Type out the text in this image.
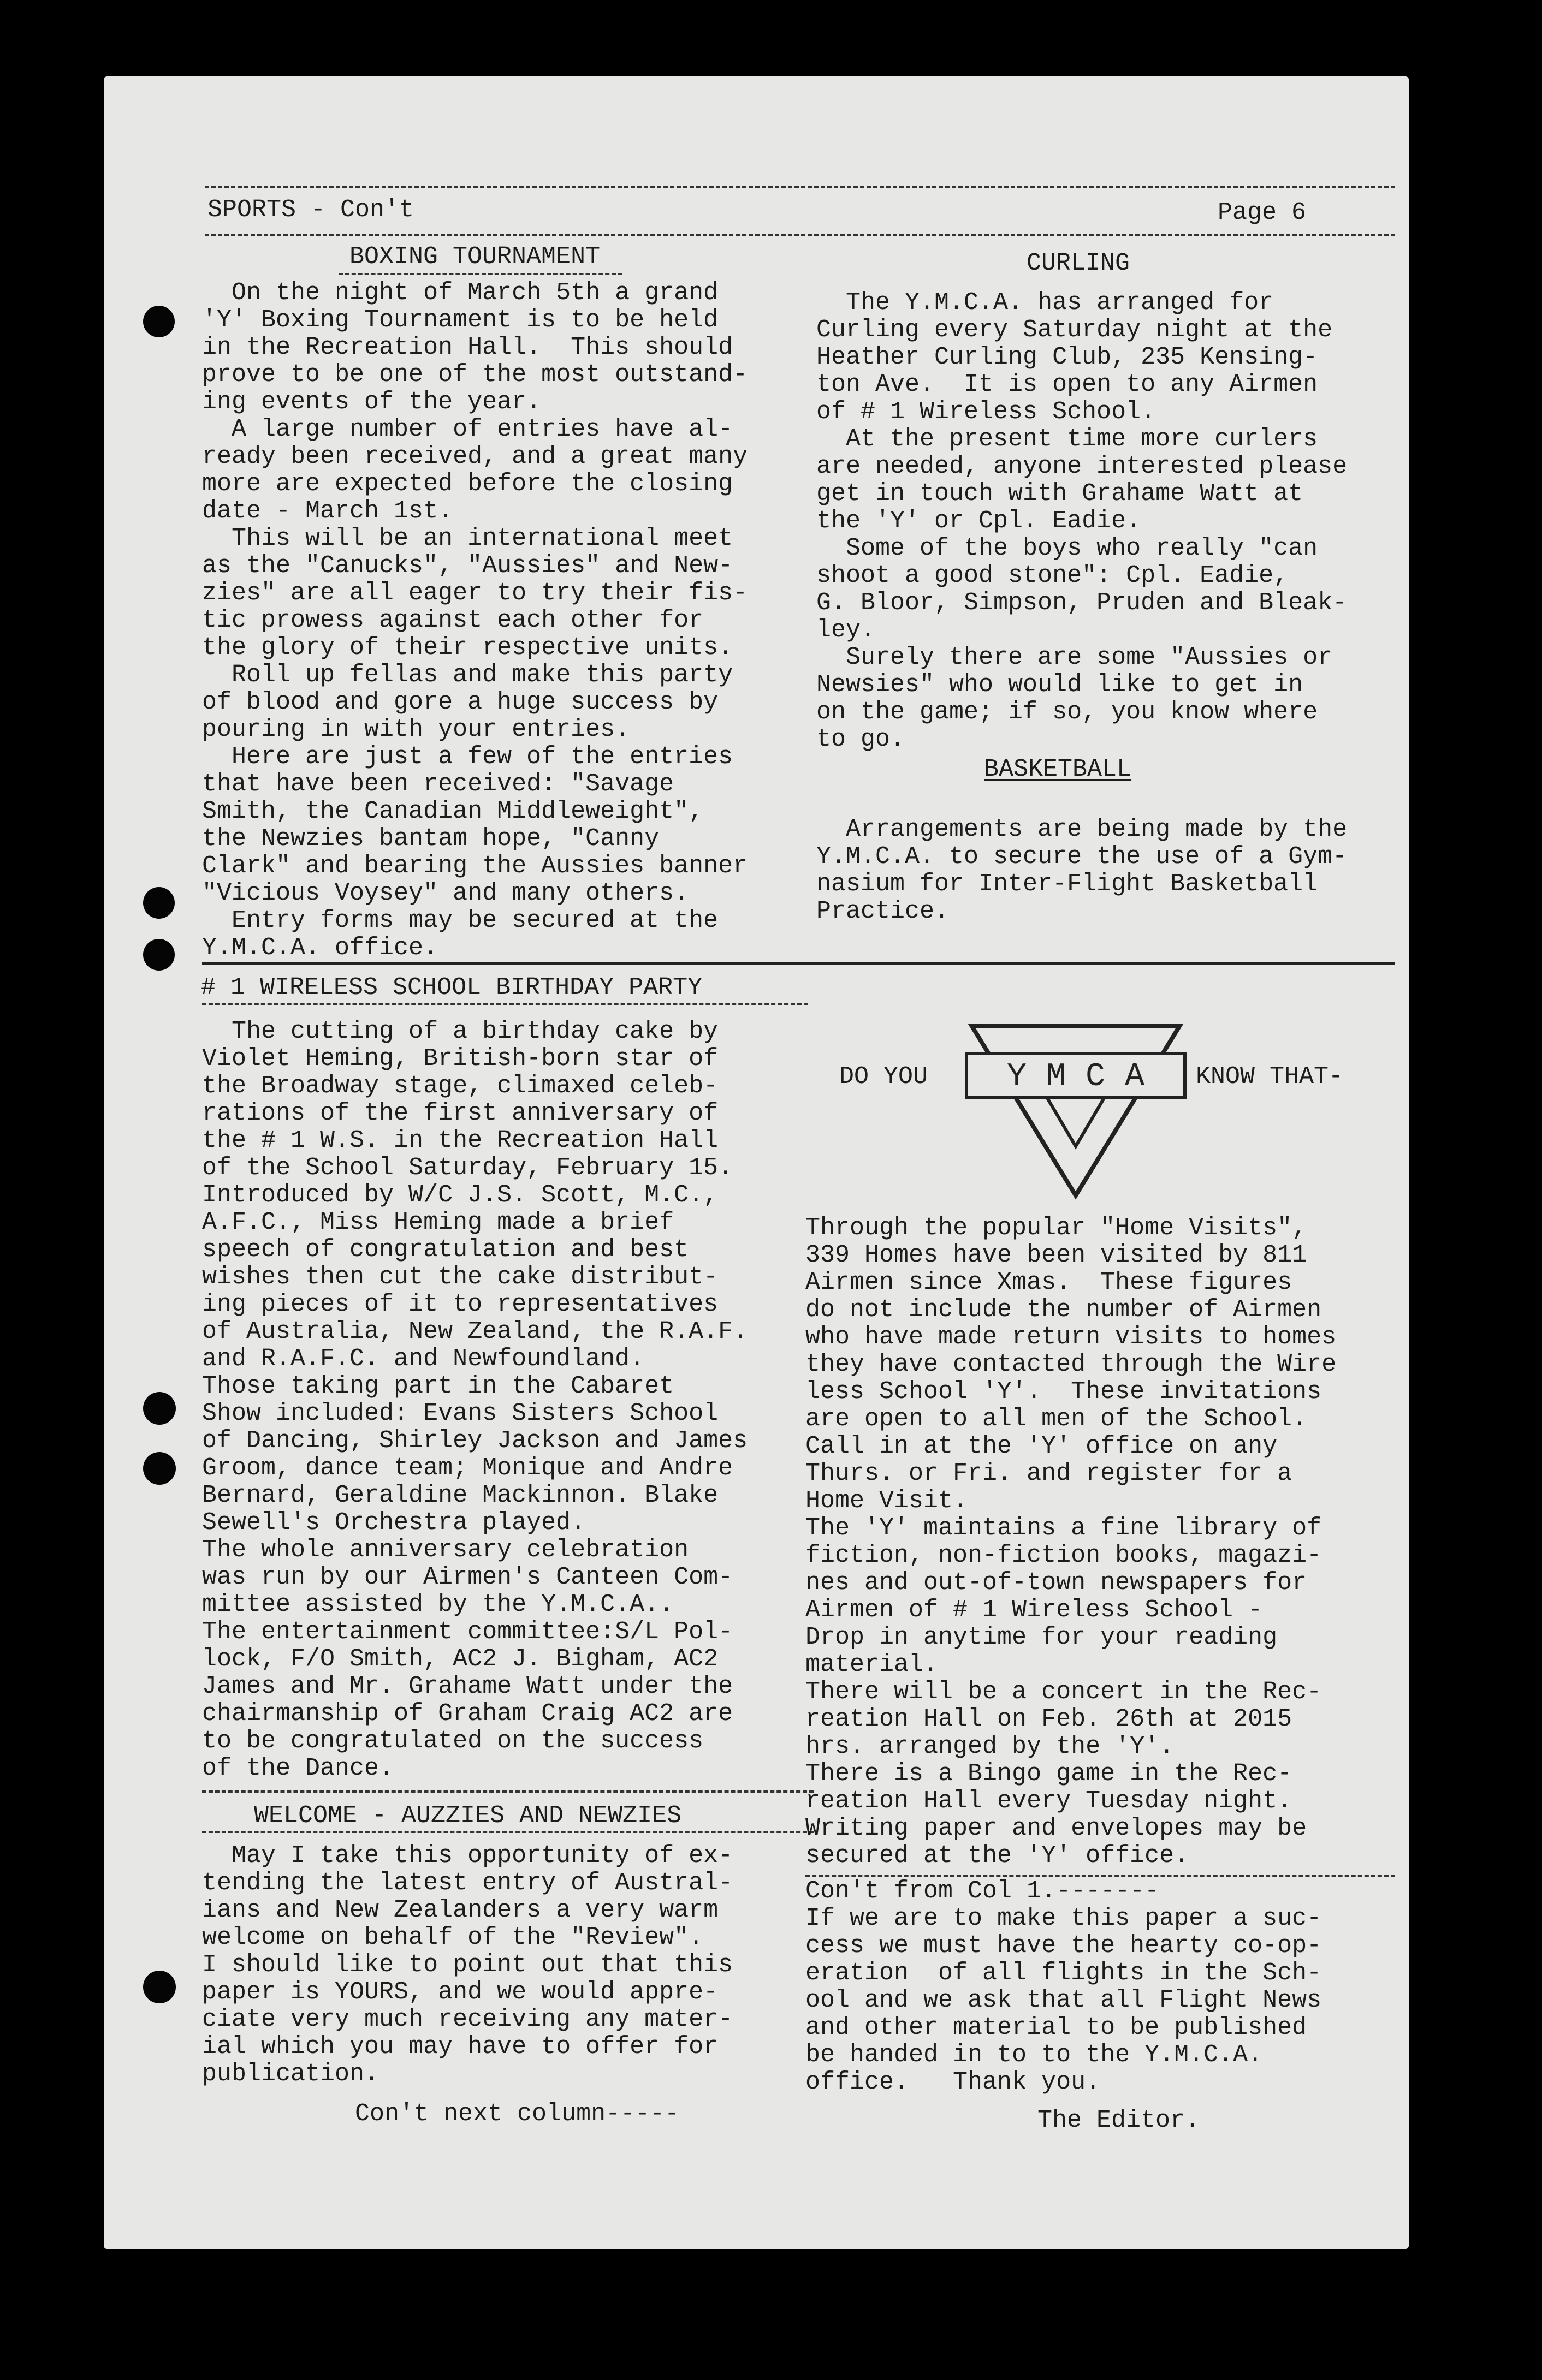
SPORTS - Con't	Page 6
BOXING TOURNAMENT
On the night of March 5th a grand
'Y' Boxing Tournament is to be held
in the Recreation Hall.  This should
prove to be one of the most outstand-
ing events of the year.
A large number of entries have al-
ready been received, and a great many
more are expected before the closing
date - March 1st.
This will be an international meet
as the "Canucks", "Aussies" and New-
zies" are all eager to try their fis-
tic prowess against each other for
the glory of their respective units.
Roll up fellas and make this party
of blood and gore a huge success by
pouring in with your entries.
Here are just a few of the entries
that have been received: "Savage
Smith, the Canadian Middleweight",
the Newzies bantam hope, "Canny
Clark" and bearing the Aussies banner
"Vicious Voysey" and many others.
Entry forms may be secured at the
Y.M.C.A. office.
CURLING
The Y.M.C.A. has arranged for
Curling every Saturday night at the
Heather Curling Club, 235 Kensing-
ton Ave.  It is open to any Airmen
of # 1 Wireless School.
At the present time more curlers
are needed, anyone interested please
get in touch with Grahame Watt at
the 'Y' or Cpl. Eadie.
Some of the boys who really "can
shoot a good stone": Cpl. Eadie,
G. Bloor, Simpson, Pruden and Bleak-
ley.
Surely there are some "Aussies or
Newsies" who would like to get in
on the game; if so, you know where
to go.
BASKETBALL
Arrangements are being made by the
Y.M.C.A. to secure the use of a Gym-
nasium for Inter-Flight Basketball
Practice.
# 1 WIRELESS SCHOOL BIRTHDAY PARTY
The cutting of a birthday cake by
Violet Heming, British-born star of
the Broadway stage, climaxed celeb-
rations of the first anniversary of
the # 1 W.S. in the Recreation Hall
of the School Saturday, February 15.
Introduced by W/C J.S. Scott, M.C.,
A.F.C., Miss Heming made a brief
speech of congratulation and best
wishes then cut the cake distribut-
ing pieces of it to representatives
of Australia, New Zealand, the R.A.F.
and R.A.F.C. and Newfoundland.
Those taking part in the Cabaret
Show included: Evans Sisters School
of Dancing, Shirley Jackson and James
Groom, dance team; Monique and Andre
Bernard, Geraldine Mackinnon. Blake
Sewell's Orchestra played.
The whole anniversary celebration
was run by our Airmen's Canteen Com-
mittee assisted by the Y.M.C.A..
The entertainment committee:S/L Pol-
lock, F/O Smith, AC2 J. Bigham, AC2
James and Mr. Grahame Watt under the
chairmanship of Graham Craig AC2 are
to be congratulated on the success
of the Dance.
WELCOME - AUZZIES AND NEWZIES
May I take this opportunity of ex-
tending the latest entry of Austral-
ians and New Zealanders a very warm
welcome on behalf of the "Review".
I should like to point out that this
paper is YOURS, and we would appre-
ciate very much receiving any mater-
ial which you may have to offer for
publication.
Con't next column-----
DO YOU Y M C A KNOW THAT-
Through the popular "Home Visits",
339 Homes have been visited by 811
Airmen since Xmas.  These figures
do not include the number of Airmen
who have made return visits to homes
they have contacted through the Wire
less School 'Y'.  These invitations
are open to all men of the School.
Call in at the 'Y' office on any
Thurs. or Fri. and register for a
Home Visit.
The 'Y' maintains a fine library of
fiction, non-fiction books, magazi-
nes and out-of-town newspapers for
Airmen of # 1 Wireless School -
Drop in anytime for your reading
material.
There will be a concert in the Rec-
reation Hall on Feb. 26th at 2015
hrs. arranged by the 'Y'.
There is a Bingo game in the Rec-
reation Hall every Tuesday night.
Writing paper and envelopes may be
secured at the 'Y' office.
Con't from Col 1.-------
If we are to make this paper a suc-
cess we must have the hearty co-op-
eration  of all flights in the Sch-
ool and we ask that all Flight News
and other material to be published
be handed in to to the Y.M.C.A.
office.   Thank you.
The Editor.
